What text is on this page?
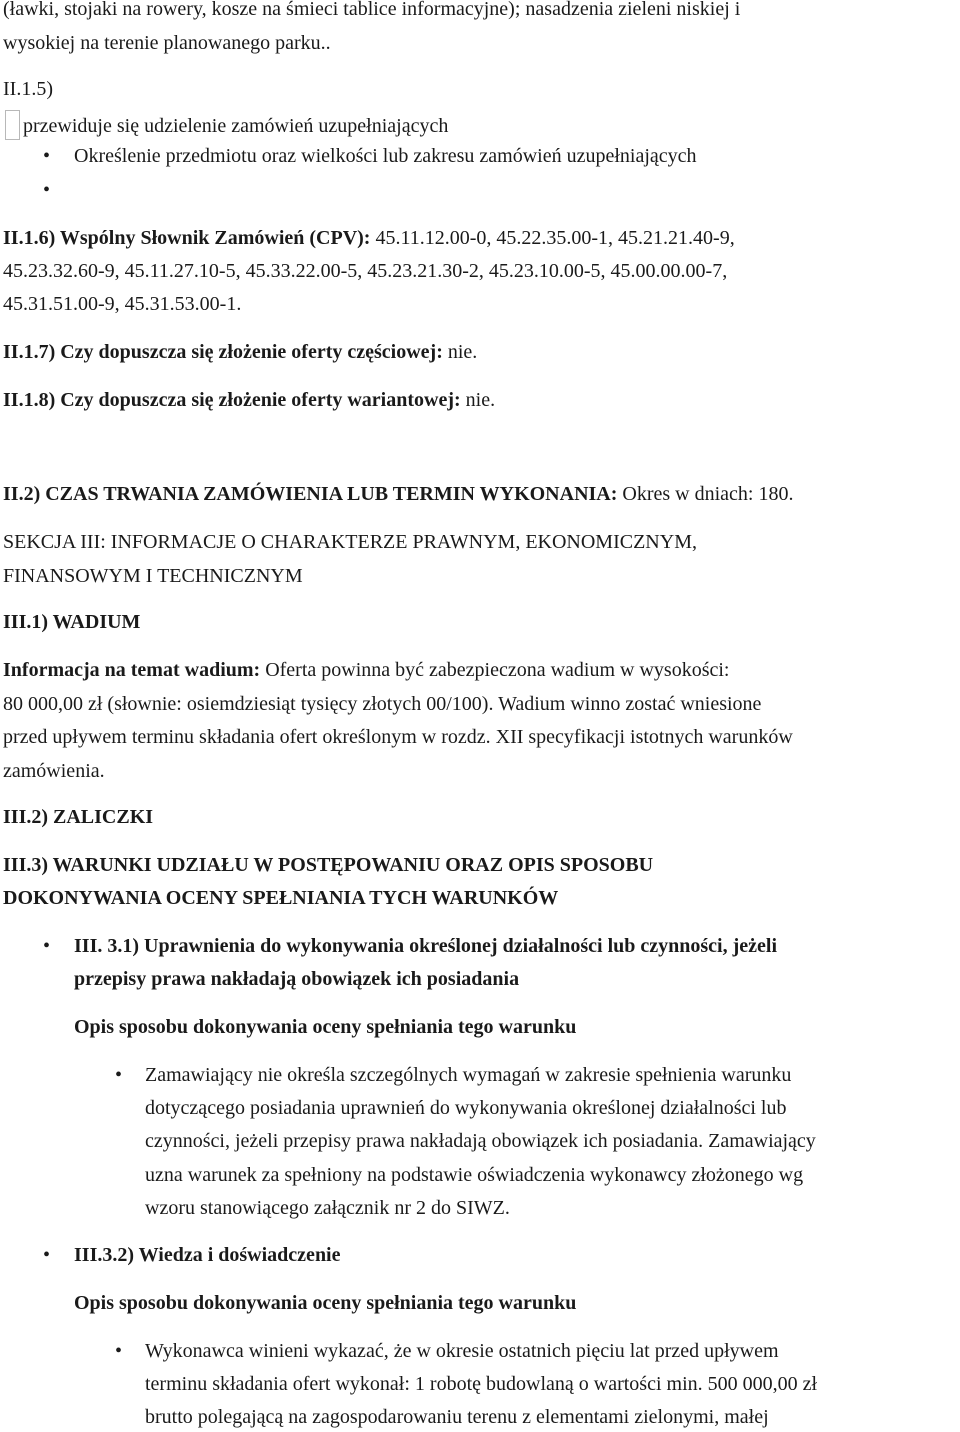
(ławki, stojaki na rowery, kosze na śmieci tablice informacyjne); nasadzenia zieleni niskiej i
wysokiej na terenie planowanego parku..
II.1.5)
przewiduje się udzielenie zamówień uzupełniających
• Określenie przedmiotu oraz wielkości lub zakresu zamówień uzupełniających
•
II.1.6) Wspólny Słownik Zamówień (CPV): 45.11.12.00-0, 45.22.35.00-1, 45.21.21.40-9,
45.23.32.60-9, 45.11.27.10-5, 45.33.22.00-5, 45.23.21.30-2, 45.23.10.00-5, 45.00.00.00-7,
45.31.51.00-9, 45.31.53.00-1.
II.1.7) Czy dopuszcza się złożenie oferty częściowej: nie.
II.1.8) Czy dopuszcza się złożenie oferty wariantowej: nie.
II.2) CZAS TRWANIA ZAMÓWIENIA LUB TERMIN WYKONANIA: Okres w dniach: 180.
SEKCJA III: INFORMACJE O CHARAKTERZE PRAWNYM, EKONOMICZNYM,
FINANSOWYM I TECHNICZNYM
III.1) WADIUM
Informacja na temat wadium: Oferta powinna być zabezpieczona wadium w wysokości:
80 000,00 zł (słownie: osiemdziesiąt tysięcy złotych 00/100). Wadium winno zostać wniesione
przed upływem terminu składania ofert określonym w rozdz. XII specyfikacji istotnych warunków
zamówienia.
III.2) ZALICZKI
III.3) WARUNKI UDZIAŁU W POSTĘPOWANIU ORAZ OPIS SPOSOBU
DOKONYWANIA OCENY SPEŁNIANIA TYCH WARUNKÓW
• III. 3.1) Uprawnienia do wykonywania określonej działalności lub czynności, jeżeli
przepisy prawa nakładają obowiązek ich posiadania
Opis sposobu dokonywania oceny spełniania tego warunku
• Zamawiający nie określa szczególnych wymagań w zakresie spełnienia warunku
dotyczącego posiadania uprawnień do wykonywania określonej działalności lub
czynności, jeżeli przepisy prawa nakładają obowiązek ich posiadania. Zamawiający
uzna warunek za spełniony na podstawie oświadczenia wykonawcy złożonego wg
wzoru stanowiącego załącznik nr 2 do SIWZ.
• III.3.2) Wiedza i doświadczenie
Opis sposobu dokonywania oceny spełniania tego warunku
• Wykonawca winieni wykazać, że w okresie ostatnich pięciu lat przed upływem
terminu składania ofert wykonał: 1 robotę budowlaną o wartości min. 500 000,00 zł
brutto polegającą na zagospodarowaniu terenu z elementami zielonymi, małej
